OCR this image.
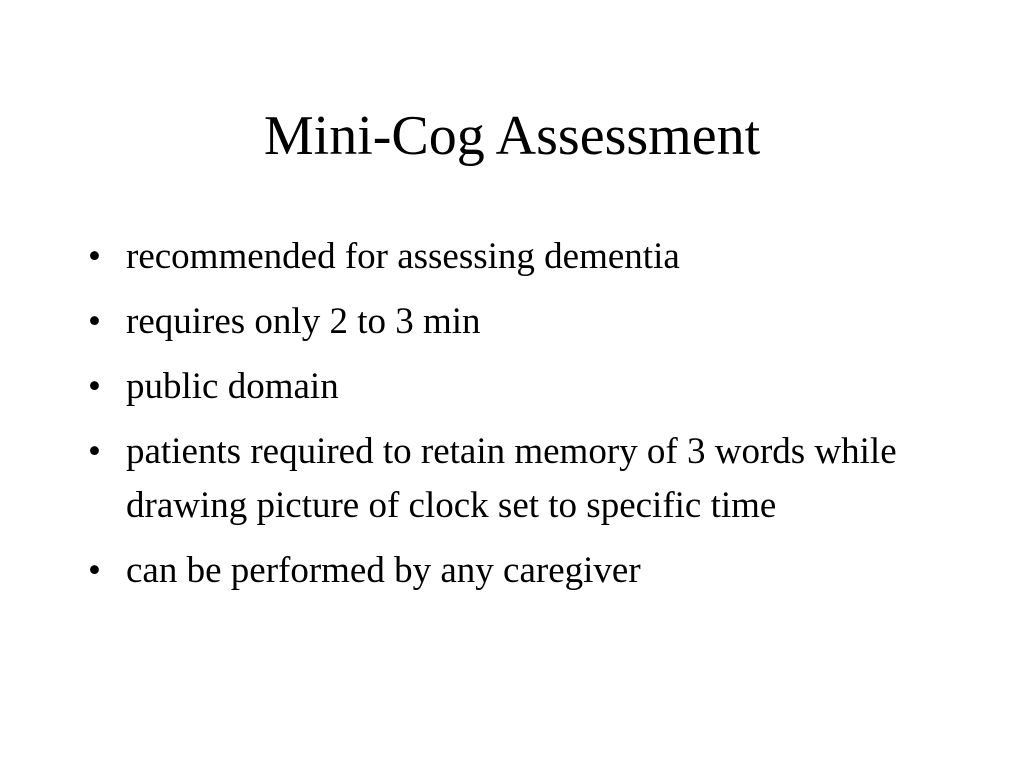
Mini-Cog Assessment
• recommended for assessing dementia
• requires only 2 to 3 min
• public domain
• patients required to retain memory of 3 words while drawing picture of clock set to specific time
• can be performed by any caregiver
